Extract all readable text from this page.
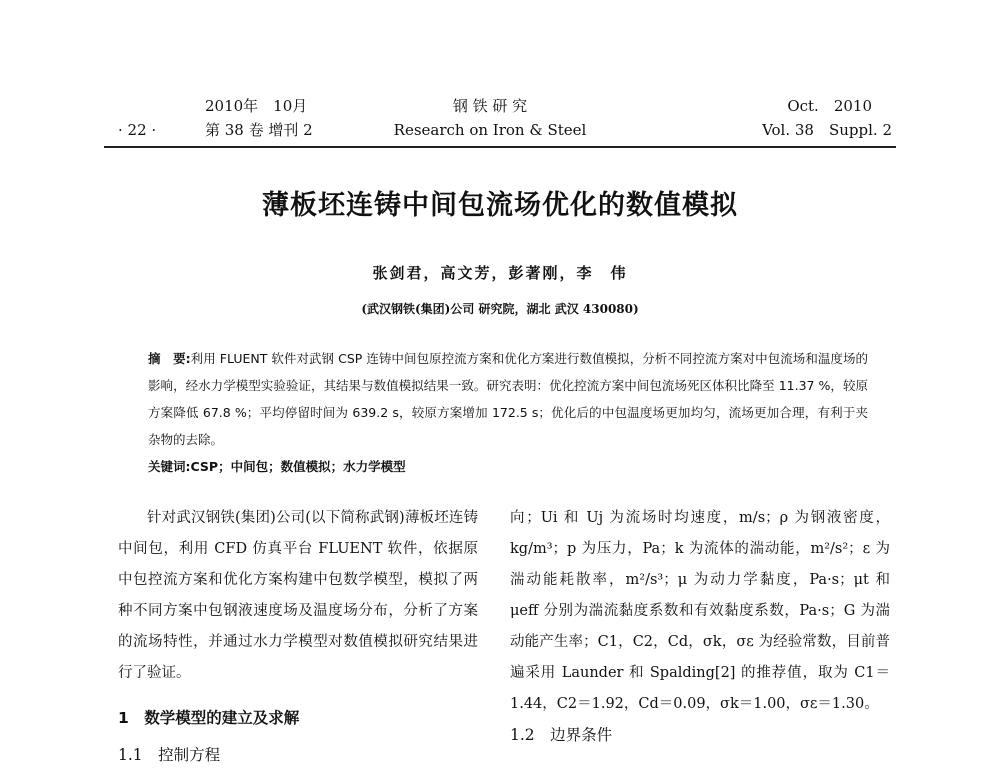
· 22 ·
2010年　10月
第 38 卷 增刊 2
钢 铁 研 究
Research on Iron & Steel
Oct.　2010
Vol. 38　Suppl. 2
薄板坯连铸中间包流场优化的数值模拟
张剑君，高文芳，彭著刚，李　伟
(武汉钢铁(集团)公司 研究院，湖北 武汉 430080)
摘　要:利用 FLUENT 软件对武钢 CSP 连铸中间包原控流方案和优化方案进行数值模拟，分析不同控流方案对中包流场和温度场的影响，经水力学模型实验验证，其结果与数值模拟结果一致。研究表明：优化控流方案中间包流场死区体积比降至 11.37 %，较原方案降低 67.8 %；平均停留时间为 639.2 s，较原方案增加 172.5 s；优化后的中包温度场更加均匀，流场更加合理，有利于夹杂物的去除。
关键词:CSP；中间包；数值模拟；水力学模型

针对武汉钢铁(集团)公司(以下简称武钢)薄板坯连铸中间包，利用 CFD 仿真平台 FLUENT 软件，依据原中包控流方案和优化方案构建中包数学模型，模拟了两种不同方案中包钢液速度场及温度场分布，分析了方案的流场特性，并通过水力学模型对数值模拟研究结果进行了验证。

1　数学模型的建立及求解
1.1　控制方程
向；Ui 和 Uj 为流场时均速度，m/s；ρ 为钢液密度，kg/m³；p 为压力，Pa；k 为流体的湍动能，m²/s²；ε 为湍动能耗散率，m²/s³；μ 为动力学黏度，Pa·s；μt 和 μeff 分别为湍流黏度系数和有效黏度系数，Pa·s；G 为湍动能产生率；C1，C2，Cd，σk，σε 为经验常数，目前普遍采用 Launder 和 Spalding[2] 的推荐值，取为 C1＝1.44，C2＝1.92，Cd＝0.09，σk＝1.00，σε＝1.30。
1.2　边界条件
